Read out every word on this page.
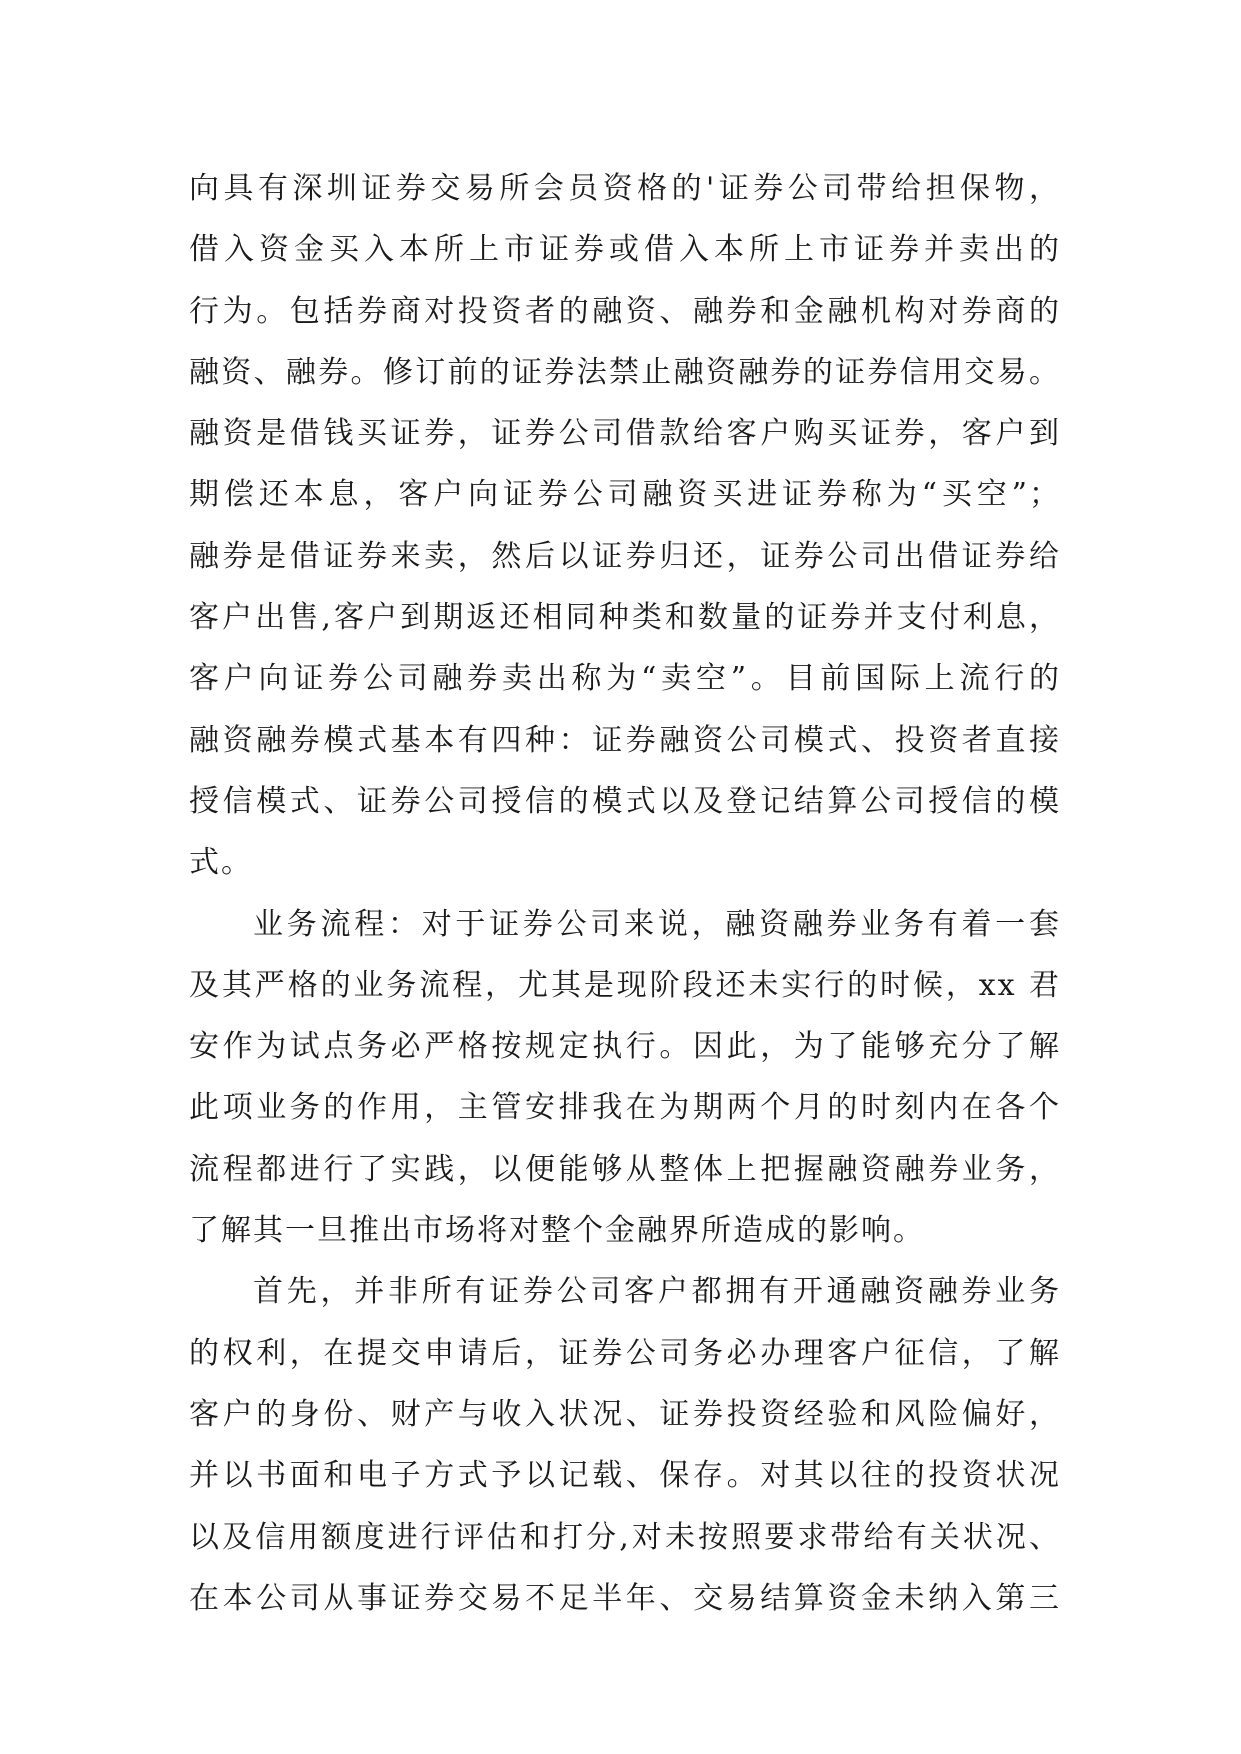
向具有深圳证券交易所会员资格的'证券公司带给担保物，
借入资金买入本所上市证券或借入本所上市证券并卖出的
行为。包括券商对投资者的融资、融券和金融机构对券商的
融资、融券。修订前的证券法禁止融资融券的证券信用交易。
融资是借钱买证券，证券公司借款给客户购买证券，客户到
期偿还本息，客户向证券公司融资买进证券称为“买空”；
融券是借证券来卖，然后以证券归还，证券公司出借证券给
客户出售,客户到期返还相同种类和数量的证券并支付利息，
客户向证券公司融券卖出称为“卖空”。目前国际上流行的
融资融券模式基本有四种：证券融资公司模式、投资者直接
授信模式、证券公司授信的模式以及登记结算公司授信的模
式。
业务流程：对于证券公司来说，融资融券业务有着一套
及其严格的业务流程，尤其是现阶段还未实行的时候，xx 君
安作为试点务必严格按规定执行。因此，为了能够充分了解
此项业务的作用，主管安排我在为期两个月的时刻内在各个
流程都进行了实践，以便能够从整体上把握融资融券业务，
了解其一旦推出市场将对整个金融界所造成的影响。
首先，并非所有证券公司客户都拥有开通融资融券业务
的权利，在提交申请后，证券公司务必办理客户征信，了解
客户的身份、财产与收入状况、证券投资经验和风险偏好，
并以书面和电子方式予以记载、保存。对其以往的投资状况
以及信用额度进行评估和打分,对未按照要求带给有关状况、
在本公司从事证券交易不足半年、交易结算资金未纳入第三
